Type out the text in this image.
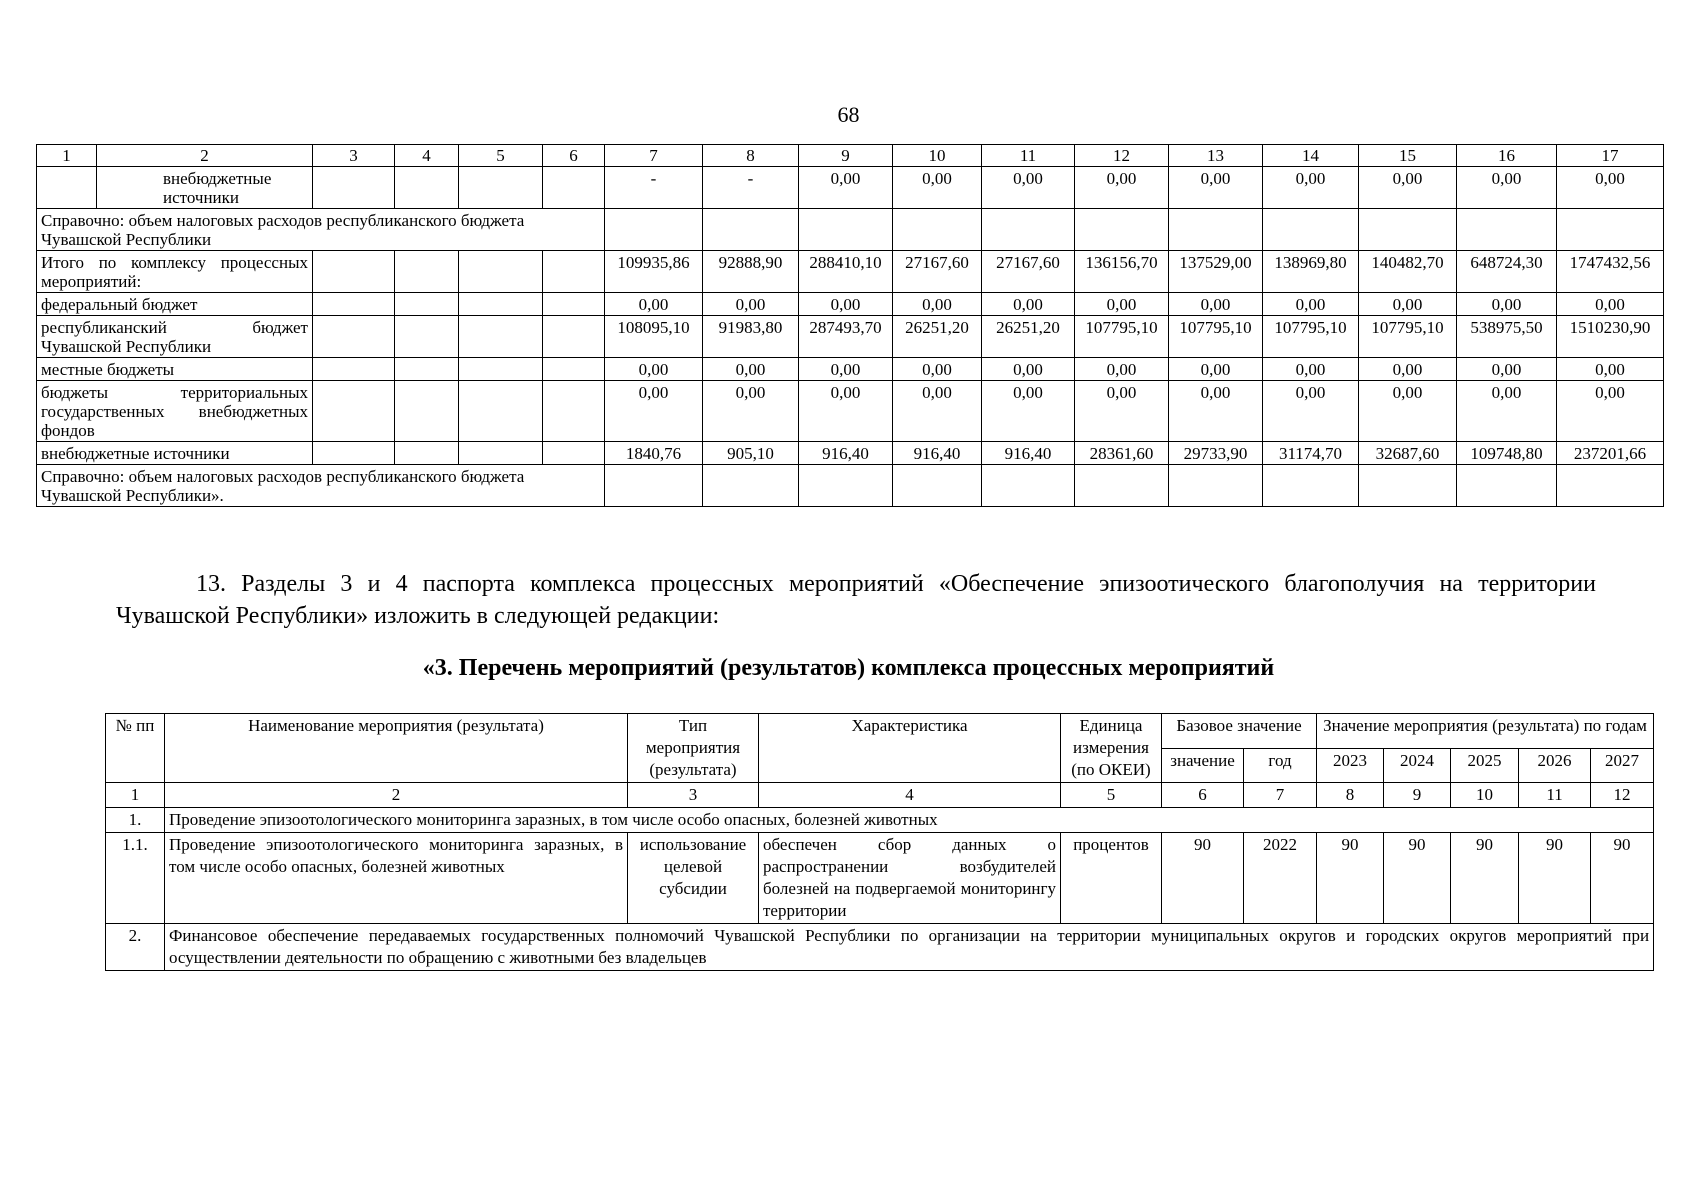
68
1	2	3	4	5	6	7	8	9	10	11	12	13	14	15	16	17
	внебюджетные источники					-	-	0,00	0,00	0,00	0,00	0,00	0,00	0,00	0,00	0,00
Справочно: объем налоговых расходов республиканского бюджета Чувашской Республики																
Итого по комплексу процессных мероприятий:						109935,86	92888,90	288410,10	27167,60	27167,60	136156,70	137529,00	138969,80	140482,70	648724,30	1747432,56
федеральный бюджет						0,00	0,00	0,00	0,00	0,00	0,00	0,00	0,00	0,00	0,00	0,00
республиканский бюджет Чувашской Республики						108095,10	91983,80	287493,70	26251,20	26251,20	107795,10	107795,10	107795,10	107795,10	538975,50	1510230,90
местные бюджеты						0,00	0,00	0,00	0,00	0,00	0,00	0,00	0,00	0,00	0,00	0,00
бюджеты территориальных государственных внебюджетных фондов						0,00	0,00	0,00	0,00	0,00	0,00	0,00	0,00	0,00	0,00	0,00
внебюджетные источники						1840,76	905,10	916,40	916,40	916,40	28361,60	29733,90	31174,70	32687,60	109748,80	237201,66
Справочно: объем налоговых расходов республиканского бюджета Чувашской Республики».																
13. Разделы 3 и 4 паспорта комплекса процессных мероприятий «Обеспечение эпизоотического благополучия на территории Чувашской Республики» изложить в следующей редакции:
«3. Перечень мероприятий (результатов) комплекса процессных мероприятий
№ пп	Наименование мероприятия (результата)	Тип мероприятия (результата)	Характеристика	Единица измерения (по ОКЕИ)	Базовое значение		Значение мероприятия (результата) по годам				
					значение	год	2023	2024	2025	2026	2027
1	2	3	4	5	6	7	8	9	10	11	12
1.	Проведение эпизоотологического мониторинга заразных, в том числе особо опасных, болезней животных										
1.1.	Проведение эпизоотологического мониторинга заразных, в том числе особо опасных, болезней животных	использование целевой субсидии	обеспечен сбор данных о распространении возбудителей болезней на подвергаемой мониторингу территории	процентов	90	2022	90	90	90	90	90
2.	Финансовое обеспечение передаваемых государственных полномочий Чувашской Республики по организации на территории муниципальных округов и городских округов мероприятий при осуществлении деятельности по обращению с животными без владельцев										
